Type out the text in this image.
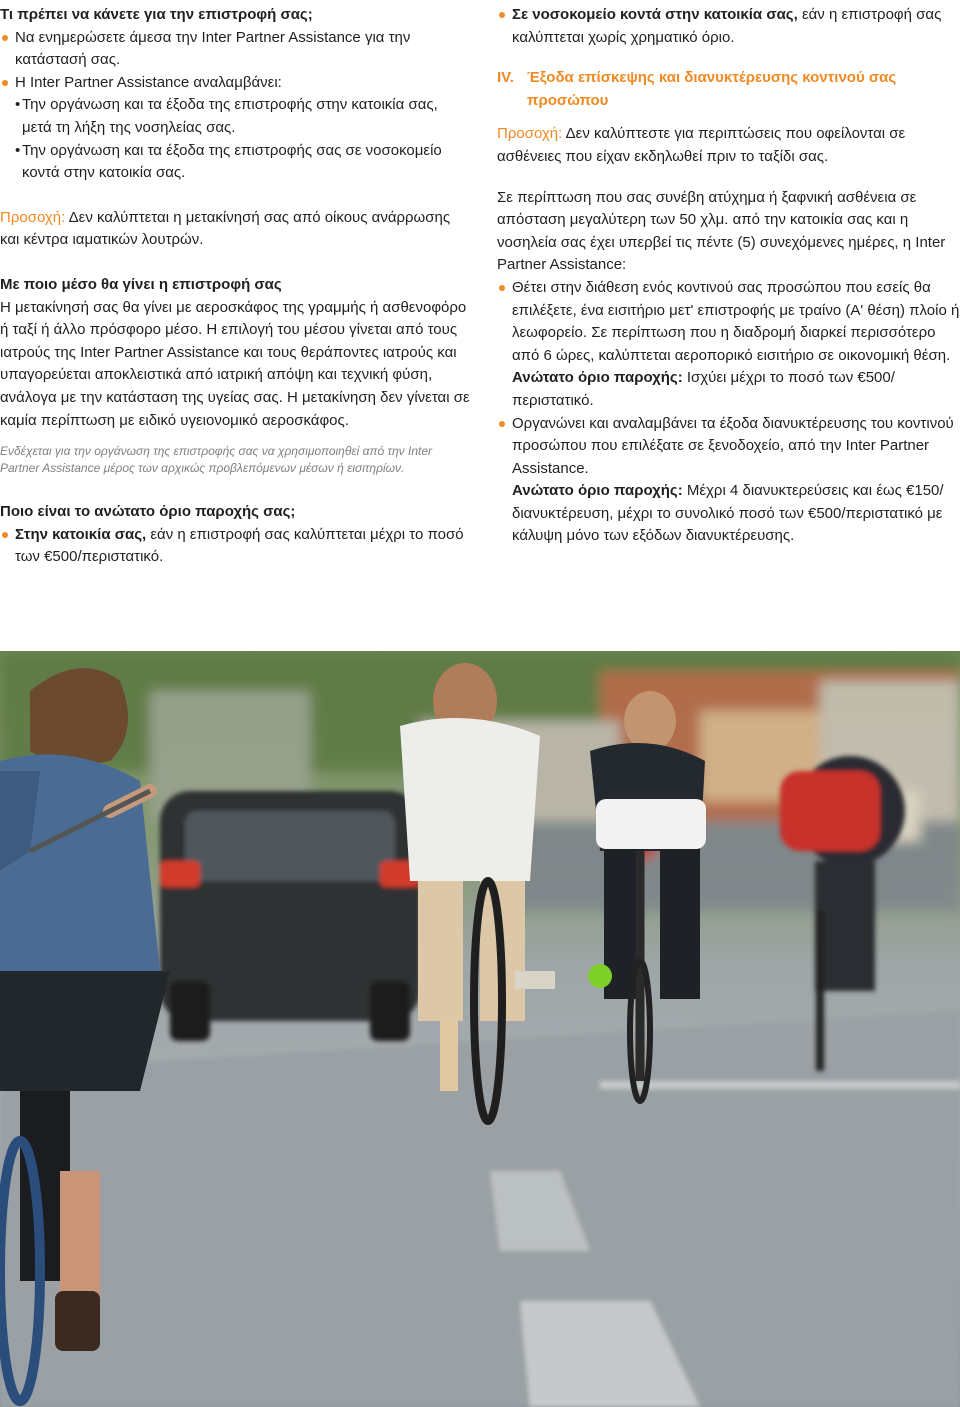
Τι πρέπει να κάνετε για την επιστροφή σας;

Να ενημερώσετε άμεσα την Inter Partner Assistance για την κατάστασή σας.

Η Inter Partner Assistance αναλαμβάνει:

• Την οργάνωση και τα έξοδα της επιστροφής στην κατοικία σας, μετά τη λήξη της νοσηλείας σας.

• Την οργάνωση και τα έξοδα της επιστροφής σας σε νοσοκομείο κοντά στην κατοικία σας.

Προσοχή: Δεν καλύπτεται η μετακίνησή σας από οίκους ανάρρωσης και κέντρα ιαματικών λουτρών.

Με ποιο μέσο θα γίνει η επιστροφή σας

Η μετακίνησή σας θα γίνει με αεροσκάφος της γραμμής ή ασθενοφόρο ή ταξί ή άλλο πρόσφορο μέσο. Η επιλογή του μέσου γίνεται από τους ιατρούς της Inter Partner Assistance και τους θεράποντες ιατρούς και υπαγορεύεται αποκλειστικά από ιατρική απόψη και τεχνική φύση, ανάλογα με την κατάσταση της υγείας σας. Η μετακίνηση δεν γίνεται σε καμία περίπτωση με ειδικό υγειονομικό αεροσκάφος.

Ενδέχεται για την οργάνωση της επιστροφής σας να χρησιμοποιηθεί από την Inter Partner Assistance μέρος των αρχικώς προβλεπόμενων μέσων ή εισιτηρίων.

Ποιο είναι το ανώτατο όριο παροχής σας;

Στην κατοικία σας, εάν η επιστροφή σας καλύπτεται μέχρι το ποσό των €500/περιστατικό.

Σε νοσοκομείο κοντά στην κατοικία σας, εάν η επιστροφή σας καλύπτεται χωρίς χρηματικό όριο.

IV. Έξοδα επίσκεψης και διανυκτέρευσης κοντινού σας προσώπου

Προσοχή: Δεν καλύπτεστε για περιπτώσεις που οφείλονται σε ασθένειες που είχαν εκδηλωθεί πριν το ταξίδι σας.

Σε περίπτωση που σας συνέβη ατύχημα ή ξαφνική ασθένεια σε απόσταση μεγαλύτερη των 50 χλμ. από την κατοικία σας και η νοσηλεία σας έχει υπερβεί τις πέντε (5) συνεχόμενες ημέρες, η Inter Partner Assistance:

Θέτει στην διάθεση ενός κοντινού σας προσώπου που εσείς θα επιλέξετε, ένα εισιτήριο μετ' επιστροφής με τραίνο (Α' θέση) πλοίο ή λεωφορείο. Σε περίπτωση που η διαδρομή διαρκεί περισσότερο από 6 ώρες, καλύπτεται αεροπορικό εισιτήριο σε οικονομική θέση.
Ανώτατο όριο παροχής: Ισχύει μέχρι το ποσό των €500/περιστατικό.

Οργανώνει και αναλαμβάνει τα έξοδα διανυκτέρευσης του κοντινού προσώπου που επιλέξατε σε ξενοδοχείο, από την Inter Partner Assistance.
Ανώτατο όριο παροχής: Μέχρι 4 διανυκτερεύσεις και έως €150/διανυκτέρευση, μέχρι το συνολικό ποσό των €500/περιστατικό με κάλυψη μόνο των εξόδων διανυκτέρευσης.
